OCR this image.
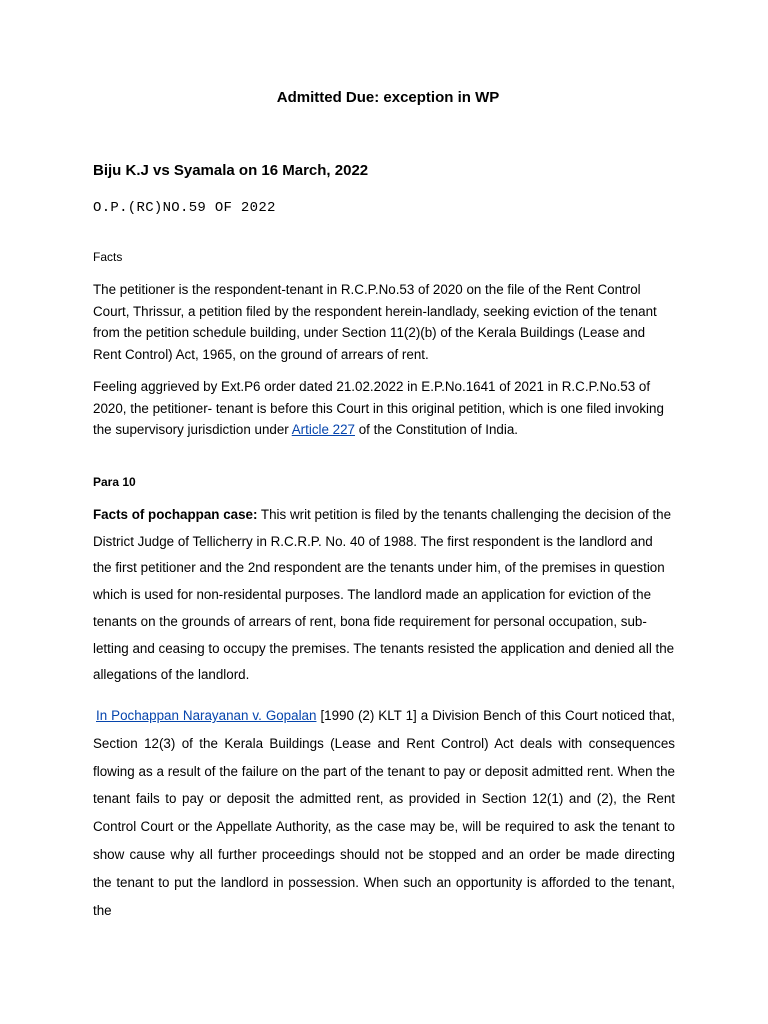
Admitted Due: exception in WP
Biju K.J vs Syamala on 16 March, 2022

O.P.(RC)NO.59 OF 2022

Facts

The petitioner is the respondent-tenant in R.C.P.No.53 of 2020 on the file of the Rent Control Court, Thrissur, a petition filed by the respondent herein-landlady, seeking eviction of the tenant from the petition schedule building, under Section 11(2)(b) of the Kerala Buildings (Lease and Rent Control) Act, 1965, on the ground of arrears of rent.

Feeling aggrieved by Ext.P6 order dated 21.02.2022 in E.P.No.1641 of 2021 in R.C.P.No.53 of 2020, the petitioner- tenant is before this Court in this original petition, which is one filed invoking the supervisory jurisdiction under Article 227 of the Constitution of India.

Para 10

Facts of pochappan case: This writ petition is filed by the tenants challenging the decision of the District Judge of Tellicherry in R.C.R.P. No. 40 of 1988. The first respondent is the landlord and the first petitioner and the 2nd respondent are the tenants under him, of the premises in question which is used for non-residental purposes. The landlord made an application for eviction of the tenants on the grounds of arrears of rent, bona fide requirement for personal occupation, sub-letting and ceasing to occupy the premises. The tenants resisted the application and denied all the allegations of the landlord.

In Pochappan Narayanan v. Gopalan [1990 (2) KLT 1] a Division Bench of this Court noticed that, Section 12(3) of the Kerala Buildings (Lease and Rent Control) Act deals with consequences flowing as a result of the failure on the part of the tenant to pay or deposit admitted rent. When the tenant fails to pay or deposit the admitted rent, as provided in Section 12(1) and (2), the Rent Control Court or the Appellate Authority, as the case may be, will be required to ask the tenant to show cause why all further proceedings should not be stopped and an order be made directing the tenant to put the landlord in possession. When such an opportunity is afforded to the tenant, the
